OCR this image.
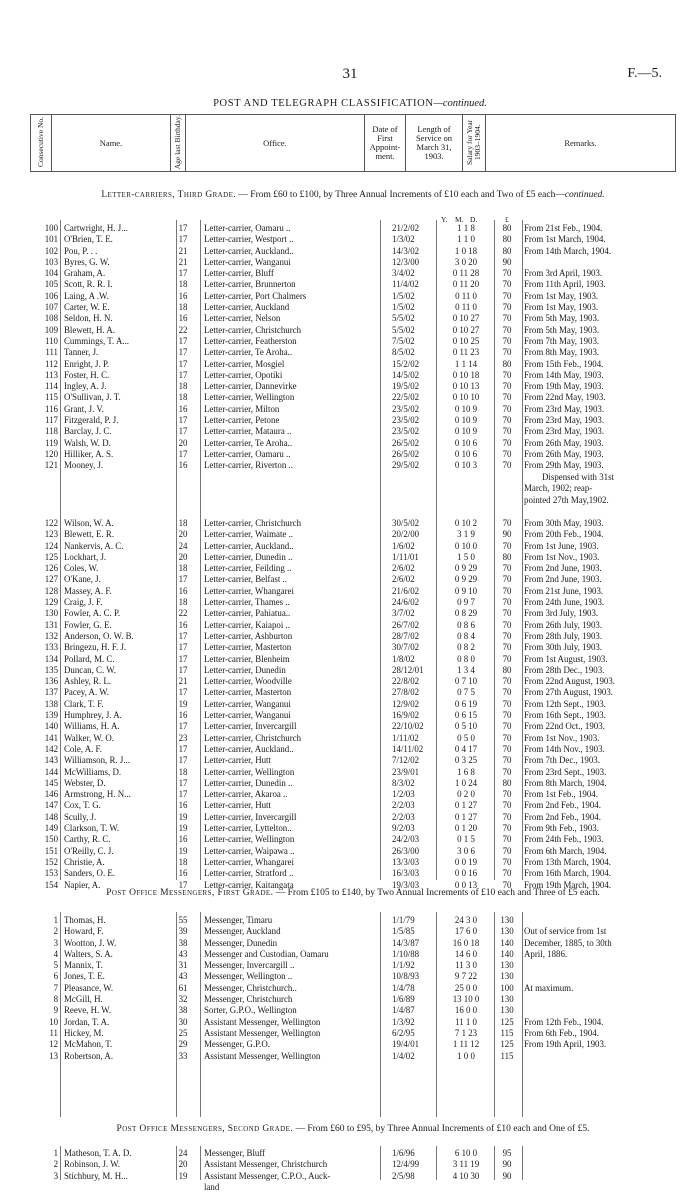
31	F.—5.
POST AND TELEGRAPH CLASSIFICATION—continued.
Consecutive No.	Name.	Age last Birthday.	Office.	Date of First Appoint-ment.	Length of Service on March 31, 1903.	Salary for Year 1903–1904.	Remarks.
Letter-carriers, Third Grade. — From £60 to £100, by Three Annual Increments of £10 each and Two of £5 each—continued.
Y. M. D.	£
100 Cartwright, H. J...	17 Letter-carrier, Oamaru ..	21/2/02	1 1 8	80	From 21st Feb., 1904.
101 O'Brien, T. E.	17 Letter-carrier, Westport ..	1/3/02	1 1 0	80	From 1st March, 1904.
102 Pou, P. . .	21 Letter-carrier, Auckland..	14/3/02	1 0 18	80	From 14th March, 1904.
103 Byres, G. W.	21 Letter-carrier, Wanganui	12/3/00	3 0 20	90
104 Graham, A.	17 Letter-carrier, Bluff	3/4/02	0 11 28	70	From 3rd April, 1903.
105 Scott, R. R. I.	18 Letter-carrier, Brunnerton	11/4/02	0 11 20	70	From 11th April, 1903.
106 Laing, A .W.	16 Letter-carrier, Port Chalmers	1/5/02	0 11 0	70	From 1st May, 1903.
107 Carter, W. E.	18 Letter-carrier, Auckland	1/5/02	0 11 0	70	From 1st May, 1903.
108 Seldon, H. N.	16 Letter-carrier, Nelson	5/5/02	0 10 27	70	From 5th May, 1903.
109 Blewett, H. A.	22 Letter-carrier, Christchurch	5/5/02	0 10 27	70	From 5th May, 1903.
110 Cummings, T. A...	17 Letter-carrier, Featherston	7/5/02	0 10 25	70	From 7th May, 1903.
111 Tanner, J.	17 Letter-carrier, Te Aroha..	8/5/02	0 11 23	70	From 8th May, 1903.
112 Enright, J. P.	17 Letter-carrier, Mosgiel	15/2/02	1 1 14	80	From 15th Feb., 1904.
113 Foster, H. C.	17 Letter-carrier, Opotiki	14/5/02	0 10 18	70	From 14th May, 1903.
114 Ingley, A. J.	18 Letter-carrier, Dannevirke	19/5/02	0 10 13	70	From 19th May, 1903.
115 O'Sullivan, J. T.	18 Letter-carrier, Wellington	22/5/02	0 10 10	70	From 22nd May, 1903.
116 Grant, J. V.	16 Letter-carrier, Milton	23/5/02	0 10 9	70	From 23rd May, 1903.
117 Fitzgerald, P. J.	17 Letter-carrier, Petone	23/5/02	0 10 9	70	From 23rd May, 1903.
118 Barclay, J. C.	17 Letter-carrier, Mataura ..	23/5/02	0 10 9	70	From 23rd May, 1903.
119 Walsh, W. D.	20 Letter-carrier, Te Aroha..	26/5/02	0 10 6	70	From 26th May, 1903.
120 Hilliker, A. S.	17 Letter-carrier, Oamaru ..	26/5/02	0 10 6	70	From 26th May, 1903.
121 Mooney, J.	16 Letter-carrier, Riverton ..	29/5/02	0 10 3	70	From 29th May, 1903.
Dispensed with 31st
March, 1902; reap-
pointed 27th May,1902.
122 Wilson, W. A.	18 Letter-carrier, Christchurch	30/5/02	0 10 2	70	From 30th May, 1903.
123 Blewett, E. R.	20 Letter-carrier, Waimate ..	20/2/00	3 1 9	90	From 20th Feb., 1904.
124 Nankervis, A. C.	24 Letter-carrier, Auckland..	1/6/02	0 10 0	70	From 1st June, 1903.
125 Lockhart, J.	20 Letter-carrier, Dunedin ..	1/11/01	1 5 0	80	From 1st Nov., 1903.
126 Coles, W.	18 Letter-carrier, Feilding ..	2/6/02	0 9 29	70	From 2nd June, 1903.
127 O'Kane, J.	17 Letter-carrier, Belfast ..	2/6/02	0 9 29	70	From 2nd June, 1903.
128 Massey, A. F.	16 Letter-carrier, Whangarei	21/6/02	0 9 10	70	From 21st June, 1903.
129 Craig, J. F.	18 Letter-carrier, Thames ..	24/6/02	0 9 7	70	From 24th June, 1903.
130 Fowler, A. C. P.	22 Letter-carrier, Pahiatua..	3/7/02	0 8 29	70	From 3rd July, 1903.
131 Fowler, G. E.	16 Letter-carrier, Kaiapoi ..	26/7/02	0 8 6	70	From 26th July, 1903.
132 Anderson, O. W. B.	17 Letter-carrier, Ashburton	28/7/02	0 8 4	70	From 28th July, 1903.
133 Bringezu, H. F. J.	17 Letter-carrier, Masterton	30/7/02	0 8 2	70	From 30th July, 1903.
134 Pollard, M. C.	17 Letter-carrier, Blenheim	1/8/02	0 8 0	70	From 1st August, 1903.
135 Duncan, C. W.	17 Letter-carrier, Dunedin	28/12/01	1 3 4	80	From 28th Dec., 1903.
136 Ashley, R. L.	21 Letter-carrier, Woodville	22/8/02	0 7 10	70	From 22nd August, 1903.
137 Pacey, A. W.	17 Letter-carrier, Masterton	27/8/02	0 7 5	70	From 27th August, 1903.
138 Clark, T. F.	19 Letter-carrier, Wanganui	12/9/02	0 6 19	70	From 12th Sept., 1903.
139 Humphrey, J. A.	16 Letter-carrier, Wanganui	16/9/02	0 6 15	70	From 16th Sept., 1903.
140 Williams, H. A.	17 Letter-carrier, Invercargill	22/10/02	0 5 10	70	From 22nd Oct., 1903.
141 Walker, W. O.	23 Letter-carrier, Christchurch	1/11/02	0 5 0	70	From 1st Nov., 1903.
142 Cole, A. F.	17 Letter-carrier, Auckland..	14/11/02	0 4 17	70	From 14th Nov., 1903.
143 Williamson, R. J...	17 Letter-carrier, Hutt	7/12/02	0 3 25	70	From 7th Dec., 1903.
144 McWilliams, D.	18 Letter-carrier, Wellington	23/9/01	1 6 8	70	From 23rd Sept., 1903.
145 Webster, D.	17 Letter-carrier, Dunedin ..	8/3/02	1 0 24	80	From 8th March, 1904.
146 Armstrong, H. N...	17 Letter-carrier, Akaroa ..	1/2/03	0 2 0	70	From 1st Feb., 1904.
147 Cox, T. G.	16 Letter-carrier, Hutt	2/2/03	0 1 27	70	From 2nd Feb., 1904.
148 Scully, J.	19 Letter-carrier, Invercargill	2/2/03	0 1 27	70	From 2nd Feb., 1904.
149 Clarkson, T. W.	19 Letter-carrier, Lyttelton..	9/2/03	0 1 20	70	From 9th Feb., 1903.
150 Carthy, R. C.	16 Letter-carrier, Wellington	24/2/03	0 1 5	70	From 24th Feb., 1903.
151 O'Reilly, C. J.	19 Letter-carrier, Waipawa ..	26/3/00	3 0 6	70	From 6th March, 1904.
152 Christie, A.	18 Letter-carrier, Whangarei	13/3/03	0 0 19	70	From 13th March, 1904.
153 Sanders, O. E.	16 Letter-carrier, Stratford ..	16/3/03	0 0 16	70	From 16th March, 1904.
154 Napier, A.	17 Letter-carrier, Kaitangata	19/3/03	0 0 13	70	From 19th March, 1904.
Post Office Messengers, First Grade. — From £105 to £140, by Two Annual Increments of £10 each and Three of £5 each.
1 Thomas, H.	55 Messenger, Timaru	1/1/79	24 3 0	130
2 Howard, F.	39 Messenger, Auckland	1/5/85	17 6 0	130	Out of service from 1st
3 Wootton, J. W.	38 Messenger, Dunedin	14/3/87	16 0 18	140	December, 1885, to 30th
4 Walters, S. A.	43 Messenger and Custodian, Oamaru	1/10/88	14 6 0	140	April, 1886.
5 Mannix, T.	31 Messenger, Invercargill ..	1/1/92	11 3 0	130
6 Jones, T. E.	43 Messenger, Wellington ..	10/8/93	9 7 22	130
7 Pleasance, W.	61 Messenger, Christchurch..	1/4/78	25 0 0	100	At maximum.
8 McGill, H.	32 Messenger, Christchurch	1/6/89	13 10 0	130
9 Reeve, H. W.	38 Sorter, G.P.O., Wellington	1/4/87	16 0 0	130
10 Jordan, T. A.	30 Assistant Messenger, Wellington	1/3/92	11 1 0	125	From 12th Feb., 1904.
11 Hickey, M.	25 Assistant Messenger, Wellington	6/2/95	7 1 23	115	From 6th Feb., 1904.
12 McMahon, T.	29 Messenger, G.P.O.	19/4/01	1 11 12	125	From 19th April, 1903.
13 Robertson, A.	33 Assistant Messenger, Wellington	1/4/02	1 0 0	115
Post Office Messengers, Second Grade. — From £60 to £95, by Three Annual Increments of £10 each and One of £5.
1 Matheson, T. A. D.	24 Messenger, Bluff	1/6/96	6 10 0	95
2 Robinson, J. W.	20 Assistant Messenger, Christchurch	12/4/99	3 11 19	90
3 Stichbury, M. H...	19 Assistant Messenger, C.P.O., Auck-	2/5/98	4 10 30	90
land
